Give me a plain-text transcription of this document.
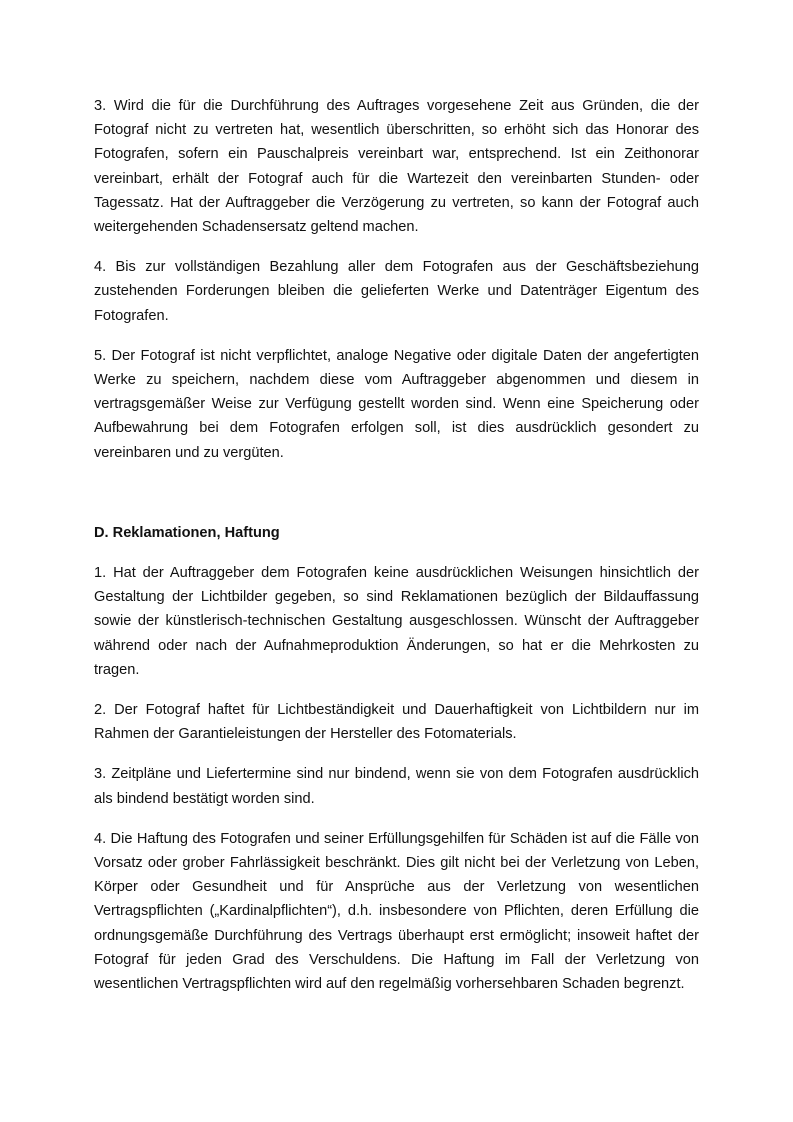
3. Wird die für die Durchführung des Auftrages vorgesehene Zeit aus Gründen, die der Fotograf nicht zu vertreten hat, wesentlich überschritten, so erhöht sich das Honorar des Fotografen, sofern ein Pauschalpreis vereinbart war, entsprechend. Ist ein Zeithonorar vereinbart, erhält der Fotograf auch für die Wartezeit den vereinbarten Stunden- oder Tagessatz. Hat der Auftraggeber die Verzögerung zu vertreten, so kann der Fotograf auch weitergehenden Schadensersatz geltend machen.

4. Bis zur vollständigen Bezahlung aller dem Fotografen aus der Geschäftsbeziehung zustehenden Forderungen bleiben die gelieferten Werke und Datenträger Eigentum des Fotografen.

5. Der Fotograf ist nicht verpflichtet, analoge Negative oder digitale Daten der angefertigten Werke zu speichern, nachdem diese vom Auftraggeber abgenommen und diesem in vertragsgemäßer Weise zur Verfügung gestellt worden sind. Wenn eine Speicherung oder Aufbewahrung bei dem Fotografen erfolgen soll, ist dies ausdrücklich gesondert zu vereinbaren und zu vergüten.

D. Reklamationen, Haftung

1. Hat der Auftraggeber dem Fotografen keine ausdrücklichen Weisungen hinsichtlich der Gestaltung der Lichtbilder gegeben, so sind Reklamationen bezüglich der Bildauffassung sowie der künstlerisch-technischen Gestaltung ausgeschlossen. Wünscht der Auftraggeber während oder nach der Aufnahmeproduktion Änderungen, so hat er die Mehrkosten zu tragen.

2. Der Fotograf haftet für Lichtbeständigkeit und Dauerhaftigkeit von Lichtbildern nur im Rahmen der Garantieleistungen der Hersteller des Fotomaterials.

3. Zeitpläne und Liefertermine sind nur bindend, wenn sie von dem Fotografen ausdrücklich als bindend bestätigt worden sind.

4. Die Haftung des Fotografen und seiner Erfüllungsgehilfen für Schäden ist auf die Fälle von Vorsatz oder grober Fahrlässigkeit beschränkt. Dies gilt nicht bei der Verletzung von Leben, Körper oder Gesundheit und für Ansprüche aus der Verletzung von wesentlichen Vertragspflichten („Kardinalpflichten“), d.h. insbesondere von Pflichten, deren Erfüllung die ordnungsgemäße Durchführung des Vertrags überhaupt erst ermöglicht; insoweit haftet der Fotograf für jeden Grad des Verschuldens. Die Haftung im Fall der Verletzung von wesentlichen Vertragspflichten wird auf den regelmäßig vorhersehbaren Schaden begrenzt.
